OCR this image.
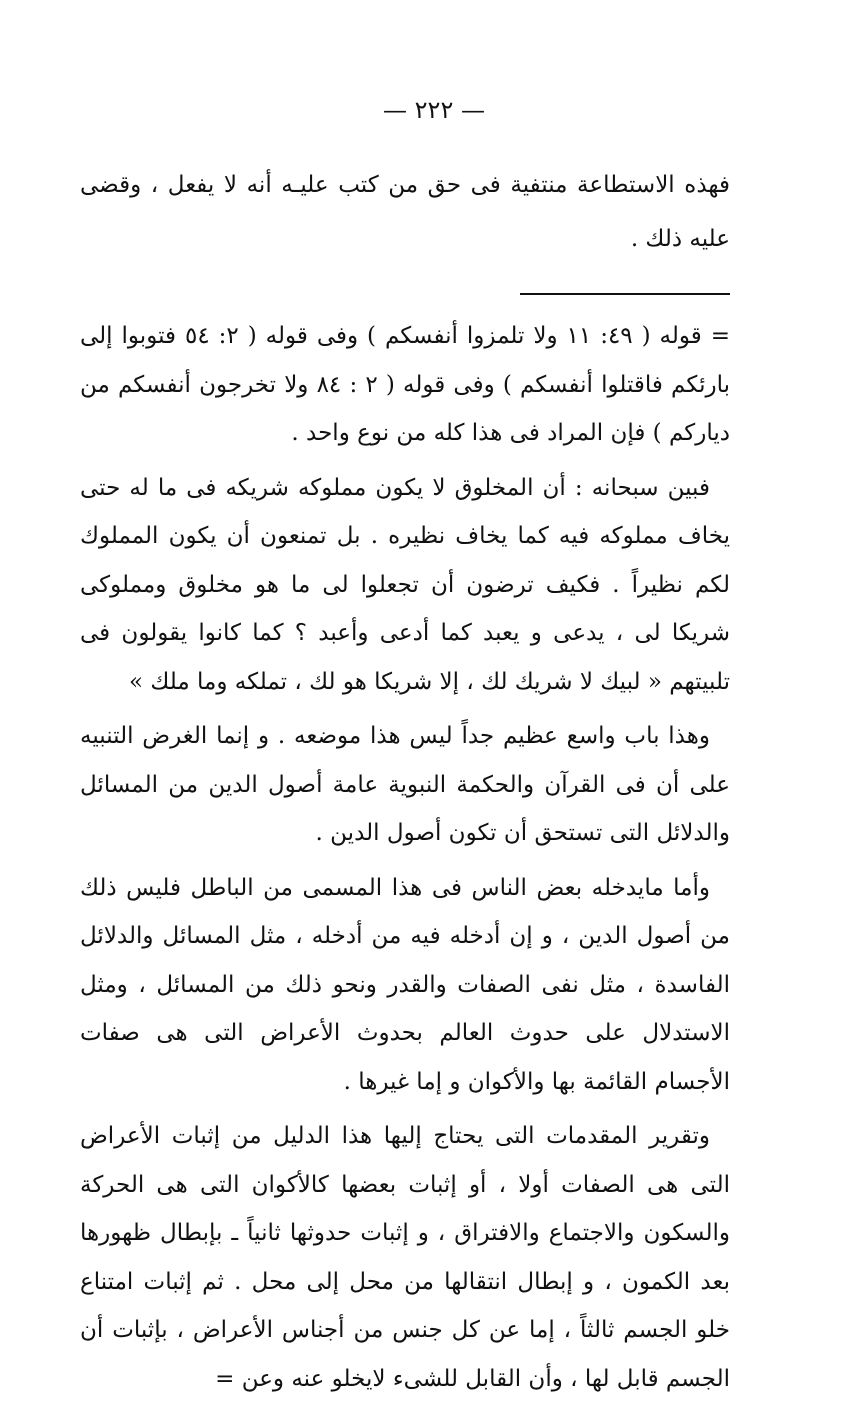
— ٢٢٢ —
فهذه الاستطاعة منتفية فى حق من كتب عليـه أنه لا يفعل ، وقضى عليه ذلك .

= قوله ( ٤٩: ١١ ولا تلمزوا أنفسكم ) وفى قوله ( ٢: ٥٤ فتوبوا إلى بارئكم فاقتلوا أنفسكم ) وفى قوله ( ٢ : ٨٤ ولا تخرجون أنفسكم من دياركم ) فإن المراد فى هذا كله من نوع واحد .

فبين سبحانه : أن المخلوق لا يكون مملوكه شريكه فى ما له حتى يخاف مملوكه فيه كما يخاف نظيره . بل تمنعون أن يكون المملوك لكم نظيراً . فكيف ترضون أن تجعلوا لى ما هو مخلوق ومملوكى شريكا لى ، يدعى و يعبد كما أدعى وأعبد ؟ كما كانوا يقولون فى تلبيتهم « لبيك لا شريك لك ، إلا شريكا هو لك ، تملكه وما ملك »

وهذا باب واسع عظيم جداً ليس هذا موضعه . و إنما الغرض التنبيه على أن فى القرآن والحكمة النبوية عامة أصول الدين من المسائل والدلائل التى تستحق أن تكون أصول الدين .

وأما مايدخله بعض الناس فى هذا المسمى من الباطل فليس ذلك من أصول الدين ، و إن أدخله فيه من أدخله ، مثل المسائل والدلائل الفاسدة ، مثل نفى الصفات والقدر ونحو ذلك من المسائل ، ومثل الاستدلال على حدوث العالم بحدوث الأعراض التى هى صفات الأجسام القائمة بها والأكوان و إما غيرها .

وتقرير المقدمات التى يحتاج إليها هذا الدليل من إثبات الأعراض التى هى الصفات أولا ، أو إثبات بعضها كالأكوان التى هى الحركة والسكون والاجتماع والافتراق ، و إثبات حدوثها ثانياً ـ بإبطال ظهورها بعد الكمون ، و إبطال انتقالها من محل إلى محل . ثم إثبات امتناع خلو الجسم ثالثاً ، إما عن كل جنس من أجناس الأعراض ، بإثبات أن الجسم قابل لها ، وأن القابل للشىء لايخلو عنه وعن =
